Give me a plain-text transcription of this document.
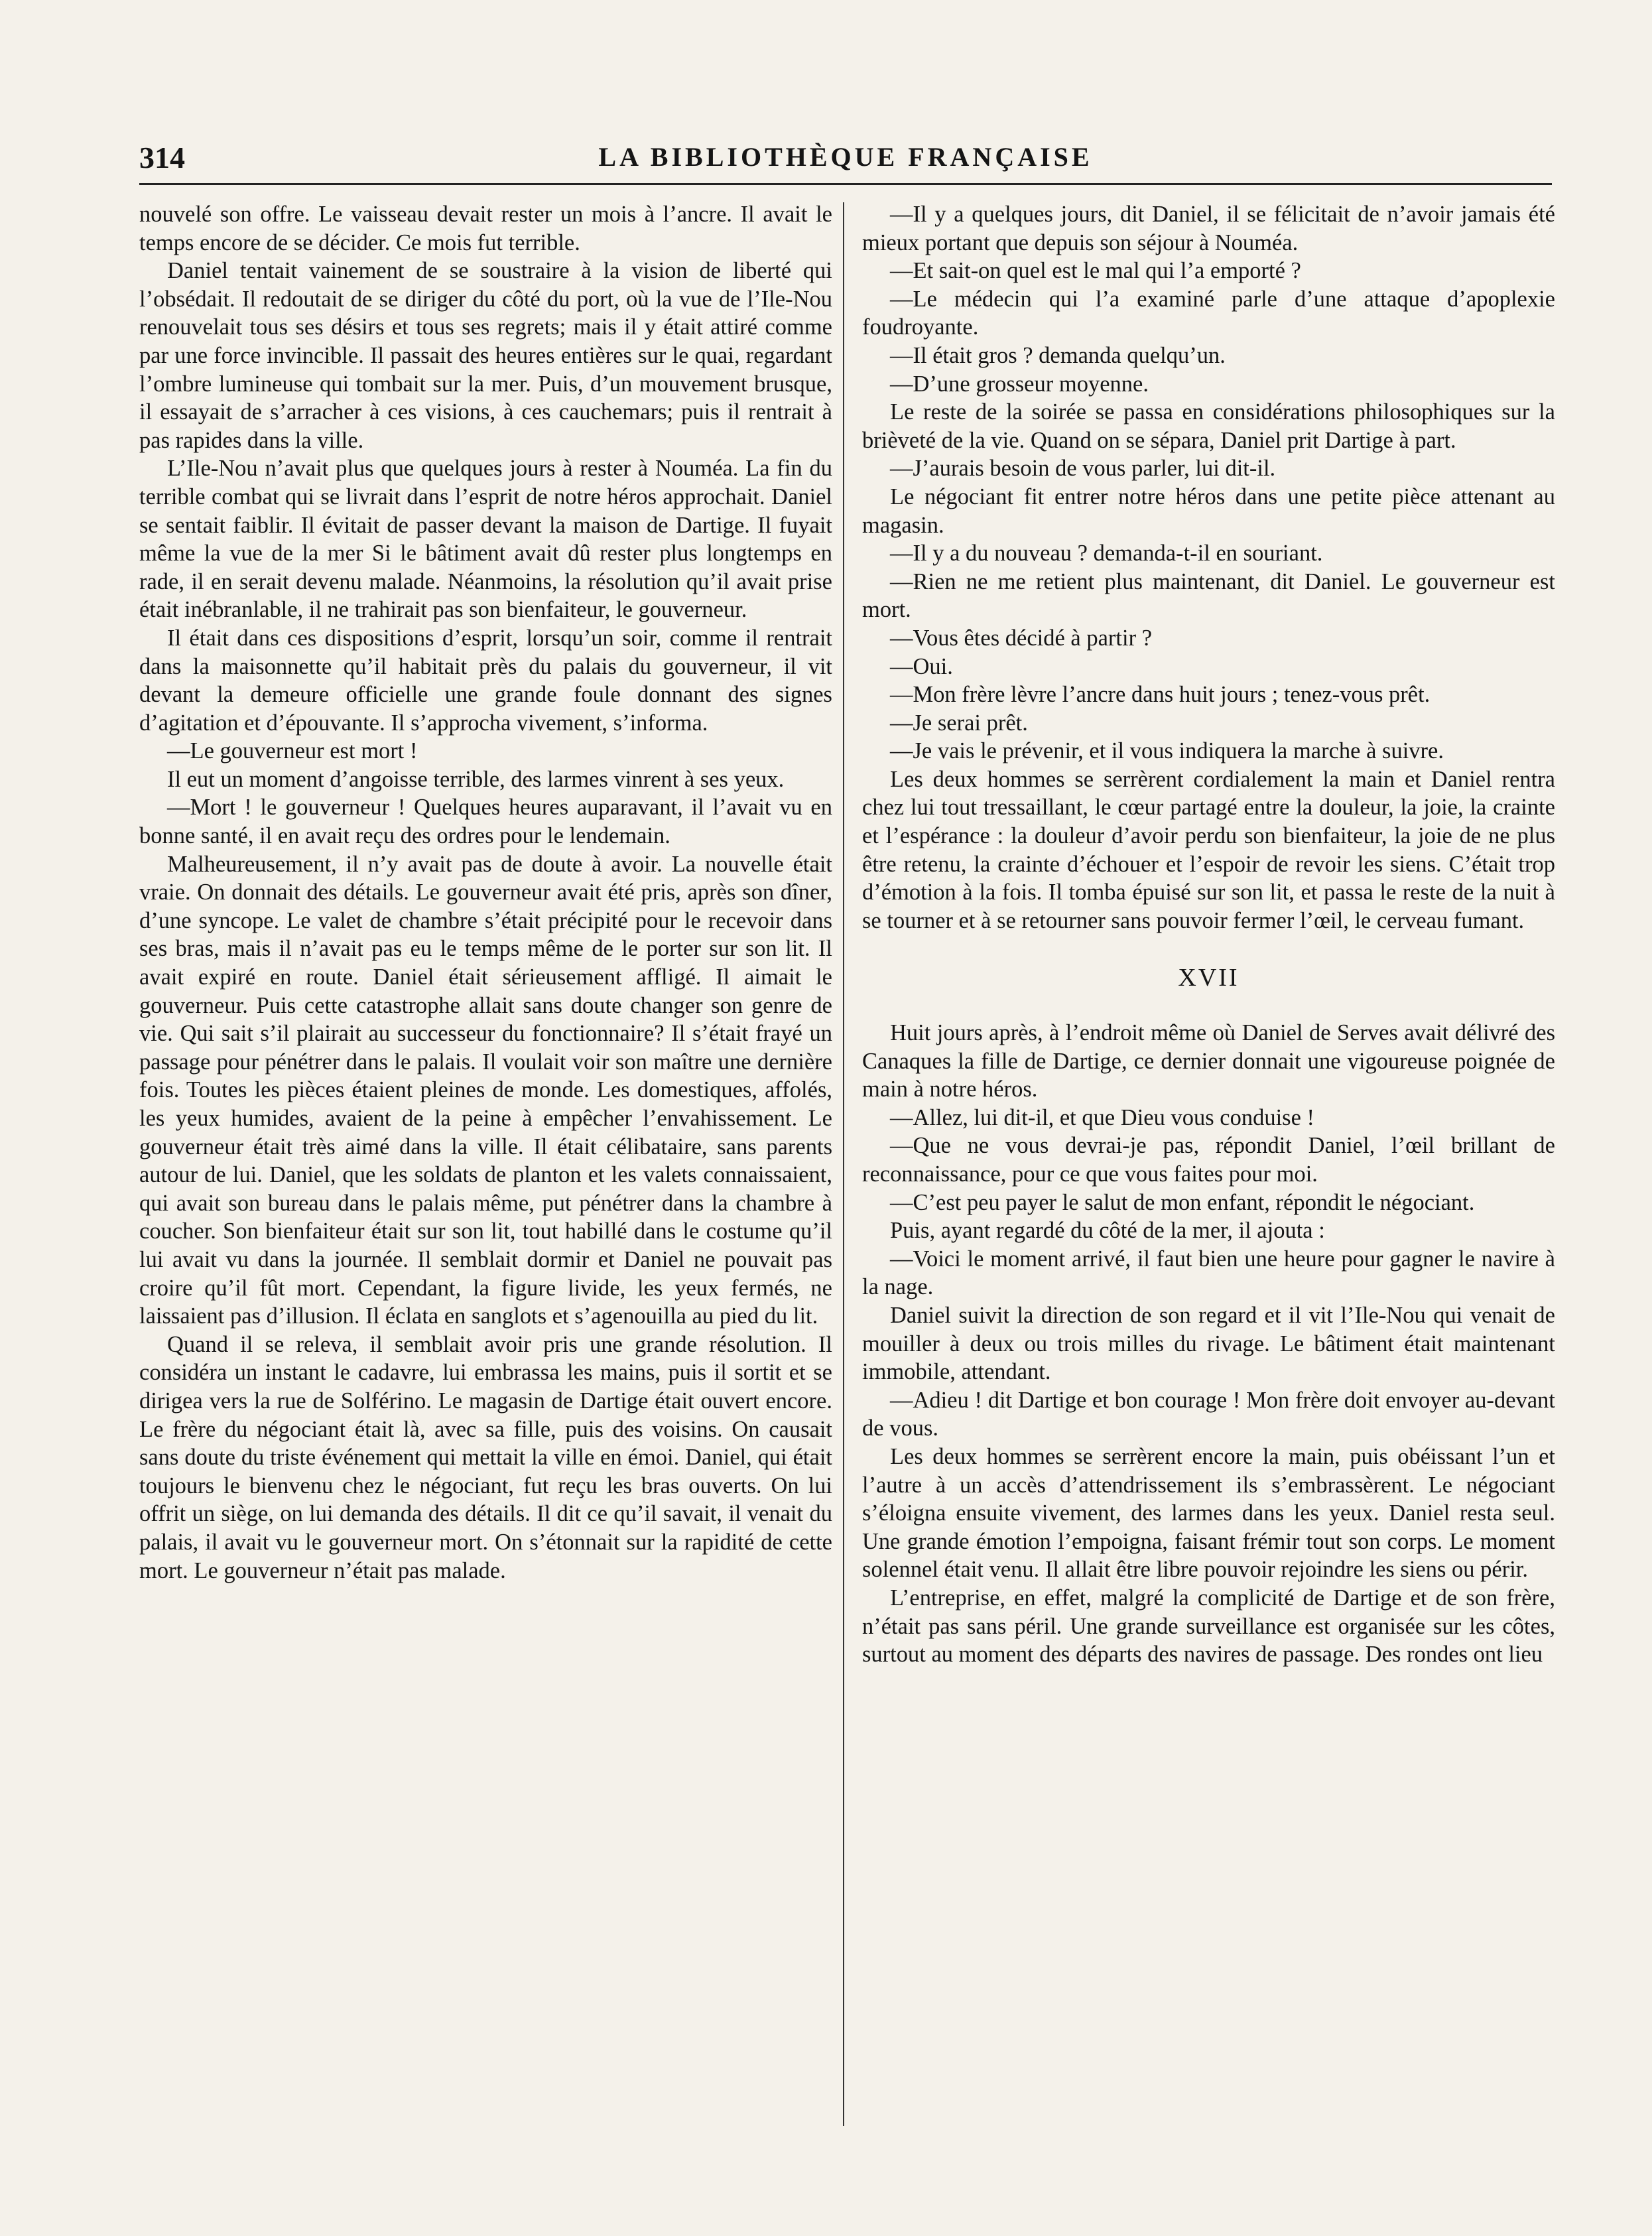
314	LA BIBLIOTHÈQUE FRANÇAISE

nouvelé son offre. Le vaisseau devait rester un mois à l’ancre. Il avait le temps encore de se décider. Ce mois fut terrible.

Daniel tentait vainement de se soustraire à la vision de liberté qui l’obsédait. Il redoutait de se diriger du côté du port, où la vue de l’Ile-Nou renouvelait tous ses désirs et tous ses regrets; mais il y était attiré comme par une force invincible. Il passait des heures entières sur le quai, regardant l’ombre lumineuse qui tombait sur la mer. Puis, d’un mouvement brusque, il essayait de s’arracher à ces visions, à ces cauchemars; puis il rentrait à pas rapides dans la ville.

L’Ile-Nou n’avait plus que quelques jours à rester à Nouméa. La fin du terrible combat qui se livrait dans l’esprit de notre héros approchait. Daniel se sentait faiblir. Il évitait de passer devant la maison de Dartige. Il fuyait même la vue de la mer Si le bâtiment avait dû rester plus longtemps en rade, il en serait devenu malade. Néanmoins, la résolution qu’il avait prise était inébranlable, il ne trahirait pas son bienfaiteur, le gouverneur.

Il était dans ces dispositions d’esprit, lorsqu’un soir, comme il rentrait dans la maisonnette qu’il habitait près du palais du gouverneur, il vit devant la demeure officielle une grande foule donnant des signes d’agitation et d’épouvante. Il s’approcha vivement, s’informa.

—Le gouverneur est mort !

Il eut un moment d’angoisse terrible, des larmes vinrent à ses yeux.

—Mort ! le gouverneur ! Quelques heures auparavant, il l’avait vu en bonne santé, il en avait reçu des ordres pour le lendemain.

Malheureusement, il n’y avait pas de doute à avoir. La nouvelle était vraie. On donnait des détails. Le gouverneur avait été pris, après son dîner, d’une syncope. Le valet de chambre s’était précipité pour le recevoir dans ses bras, mais il n’avait pas eu le temps même de le porter sur son lit. Il avait expiré en route. Daniel était sérieusement affligé. Il aimait le gouverneur. Puis cette catastrophe allait sans doute changer son genre de vie. Qui sait s’il plairait au successeur du fonctionnaire? Il s’était frayé un passage pour pénétrer dans le palais. Il voulait voir son maître une dernière fois. Toutes les pièces étaient pleines de monde. Les domestiques, affolés, les yeux humides, avaient de la peine à empêcher l’envahissement. Le gouverneur était très aimé dans la ville. Il était célibataire, sans parents autour de lui. Daniel, que les soldats de planton et les valets connaissaient, qui avait son bureau dans le palais même, put pénétrer dans la chambre à coucher. Son bienfaiteur était sur son lit, tout habillé dans le costume qu’il lui avait vu dans la journée. Il semblait dormir et Daniel ne pouvait pas croire qu’il fût mort. Cependant, la figure livide, les yeux fermés, ne laissaient pas d’illusion. Il éclata en sanglots et s’agenouilla au pied du lit.

Quand il se releva, il semblait avoir pris une grande résolution. Il considéra un instant le cadavre, lui embrassa les mains, puis il sortit et se dirigea vers la rue de Solférino. Le magasin de Dartige était ouvert encore. Le frère du négociant était là, avec sa fille, puis des voisins. On causait sans doute du triste événement qui mettait la ville en émoi. Daniel, qui était toujours le bienvenu chez le négociant, fut reçu les bras ouverts. On lui offrit un siège, on lui demanda des détails. Il dit ce qu’il savait, il venait du palais, il avait vu le gouverneur mort. On s’étonnait sur la rapidité de cette mort. Le gouverneur n’était pas malade.

—Il y a quelques jours, dit Daniel, il se félicitait de n’avoir jamais été mieux portant que depuis son séjour à Nouméa.

—Et sait-on quel est le mal qui l’a emporté ?

—Le médecin qui l’a examiné parle d’une attaque d’apoplexie foudroyante.

—Il était gros ? demanda quelqu’un.

—D’une grosseur moyenne.

Le reste de la soirée se passa en considérations philosophiques sur la brièveté de la vie. Quand on se sépara, Daniel prit Dartige à part.

—J’aurais besoin de vous parler, lui dit-il.

Le négociant fit entrer notre héros dans une petite pièce attenant au magasin.

—Il y a du nouveau ? demanda-t-il en souriant.

—Rien ne me retient plus maintenant, dit Daniel. Le gouverneur est mort.

—Vous êtes décidé à partir ?

—Oui.

—Mon frère lèvre l’ancre dans huit jours ; tenez-vous prêt.

—Je serai prêt.

—Je vais le prévenir, et il vous indiquera la marche à suivre.

Les deux hommes se serrèrent cordialement la main et Daniel rentra chez lui tout tressaillant, le cœur partagé entre la douleur, la joie, la crainte et l’espérance : la douleur d’avoir perdu son bienfaiteur, la joie de ne plus être retenu, la crainte d’échouer et l’espoir de revoir les siens. C’était trop d’émotion à la fois. Il tomba épuisé sur son lit, et passa le reste de la nuit à se tourner et à se retourner sans pouvoir fermer l’œil, le cerveau fumant.

XVII

Huit jours après, à l’endroit même où Daniel de Serves avait délivré des Canaques la fille de Dartige, ce dernier donnait une vigoureuse poignée de main à notre héros.

—Allez, lui dit-il, et que Dieu vous conduise !

—Que ne vous devrai-je pas, répondit Daniel, l’œil brillant de reconnaissance, pour ce que vous faites pour moi.

—C’est peu payer le salut de mon enfant, répondit le négociant.

Puis, ayant regardé du côté de la mer, il ajouta :

—Voici le moment arrivé, il faut bien une heure pour gagner le navire à la nage.

Daniel suivit la direction de son regard et il vit l’Ile-Nou qui venait de mouiller à deux ou trois milles du rivage. Le bâtiment était maintenant immobile, attendant.

—Adieu ! dit Dartige et bon courage ! Mon frère doit envoyer au-devant de vous.

Les deux hommes se serrèrent encore la main, puis obéissant l’un et l’autre à un accès d’attendrissement ils s’embrassèrent. Le négociant s’éloigna ensuite vivement, des larmes dans les yeux. Daniel resta seul. Une grande émotion l’empoigna, faisant frémir tout son corps. Le moment solennel était venu. Il allait être libre pouvoir rejoindre les siens ou périr.

L’entreprise, en effet, malgré la complicité de Dartige et de son frère, n’était pas sans péril. Une grande surveillance est organisée sur les côtes, surtout au moment des départs des navires de passage. Des rondes ont lieu
